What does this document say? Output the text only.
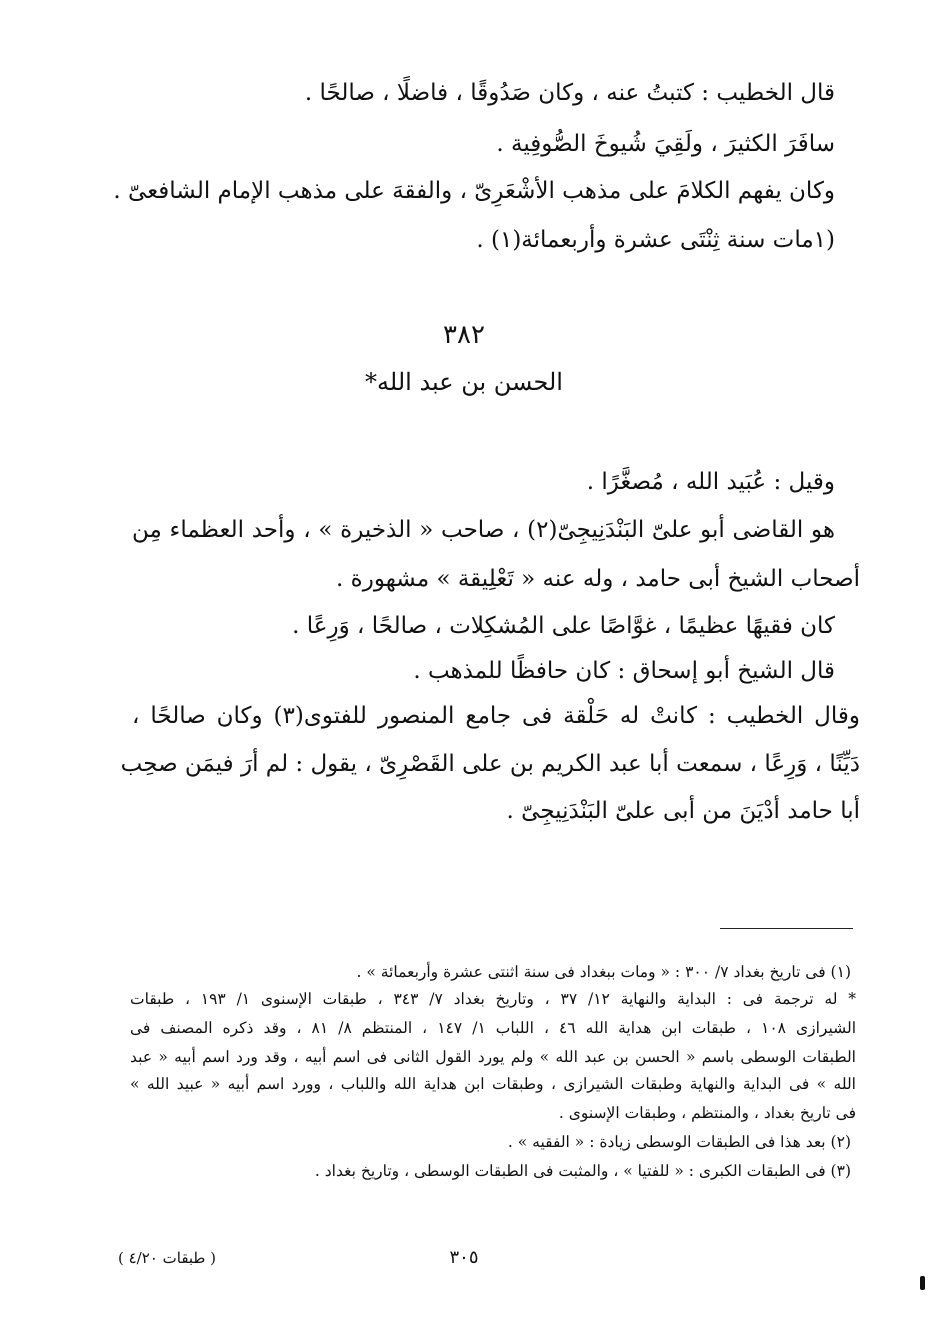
قال الخطيب : كتبتُ عنه ، وكان صَدُوقًا ، فاضلًا ، صالحًا .
سافَرَ الكثيرَ ، ولَقِيَ شُيوخَ الصُّوفِية .
وكان يفهم الكلامَ على مذهب الأشْعَرِىّ ، والفقهَ على مذهب الإمام الشافعىّ .
(١مات سنة ثِنْتَى عشرة وأربعمائة(١) .
٣٨٢
الحسن بن عبد الله*
وقيل : عُبَيد الله ، مُصغَّرًا .
هو القاضى أبو علىّ البَنْدَنِيجِىّ(٢) ، صاحب « الذخيرة » ، وأحد العظماء مِن
أصحاب الشيخ أبى حامد ، وله عنه « تَعْلِيقة » مشهورة .
كان فقيهًا عظيمًا ، غوَّاصًا على المُشكِلات ، صالحًا ، وَرِعًا .
قال الشيخ أبو إسحاق : كان حافظًا للمذهب .
وقال الخطيب : كانتْ له حَلْقة فى جامع المنصور للفتوى(٣) وكان صالحًا ،
دَيِّنًا ، وَرِعًا ، سمعت أبا عبد الكريم بن على القَصْرِىّ ، يقول : لم أرَ فيمَن صحِب
أبا حامد أدْيَنَ من أبى علىّ البَنْدَنِيجِىّ .
(١) فى تاريخ بغداد ٧/ ٣٠٠ : « ومات ببغداد فى سنة اثنتى عشرة وأربعمائة » .
* له ترجمة فى : البداية والنهاية ١٢/ ٣٧ ، وتاريخ بغداد ٧/ ٣٤٣ ، طبقات الإسنوى ١/ ١٩٣ ، طبقات
الشيرازى ١٠٨ ، طبقات ابن هداية الله ٤٦ ، اللباب ١/ ١٤٧ ، المنتظم ٨/ ٨١ ، وقد ذكره المصنف فى
الطبقات الوسطى باسم « الحسن بن عبد الله » ولم يورد القول الثانى فى اسم أبيه ، وقد ورد اسم أبيه « عبد
الله » فى البداية والنهاية وطبقات الشيرازى ، وطبقات ابن هداية الله واللباب ، وورد اسم أبيه « عبيد الله »
فى تاريخ بغداد ، والمنتظم ، وطبقات الإسنوى .
(٢) بعد هذا فى الطبقات الوسطى زيادة : « الفقيه » .
(٣) فى الطبقات الكبرى : « للفتيا » ، والمثبت فى الطبقات الوسطى ، وتاريخ بغداد .
٣٠٥
( طبقات ٤/٢٠ )
